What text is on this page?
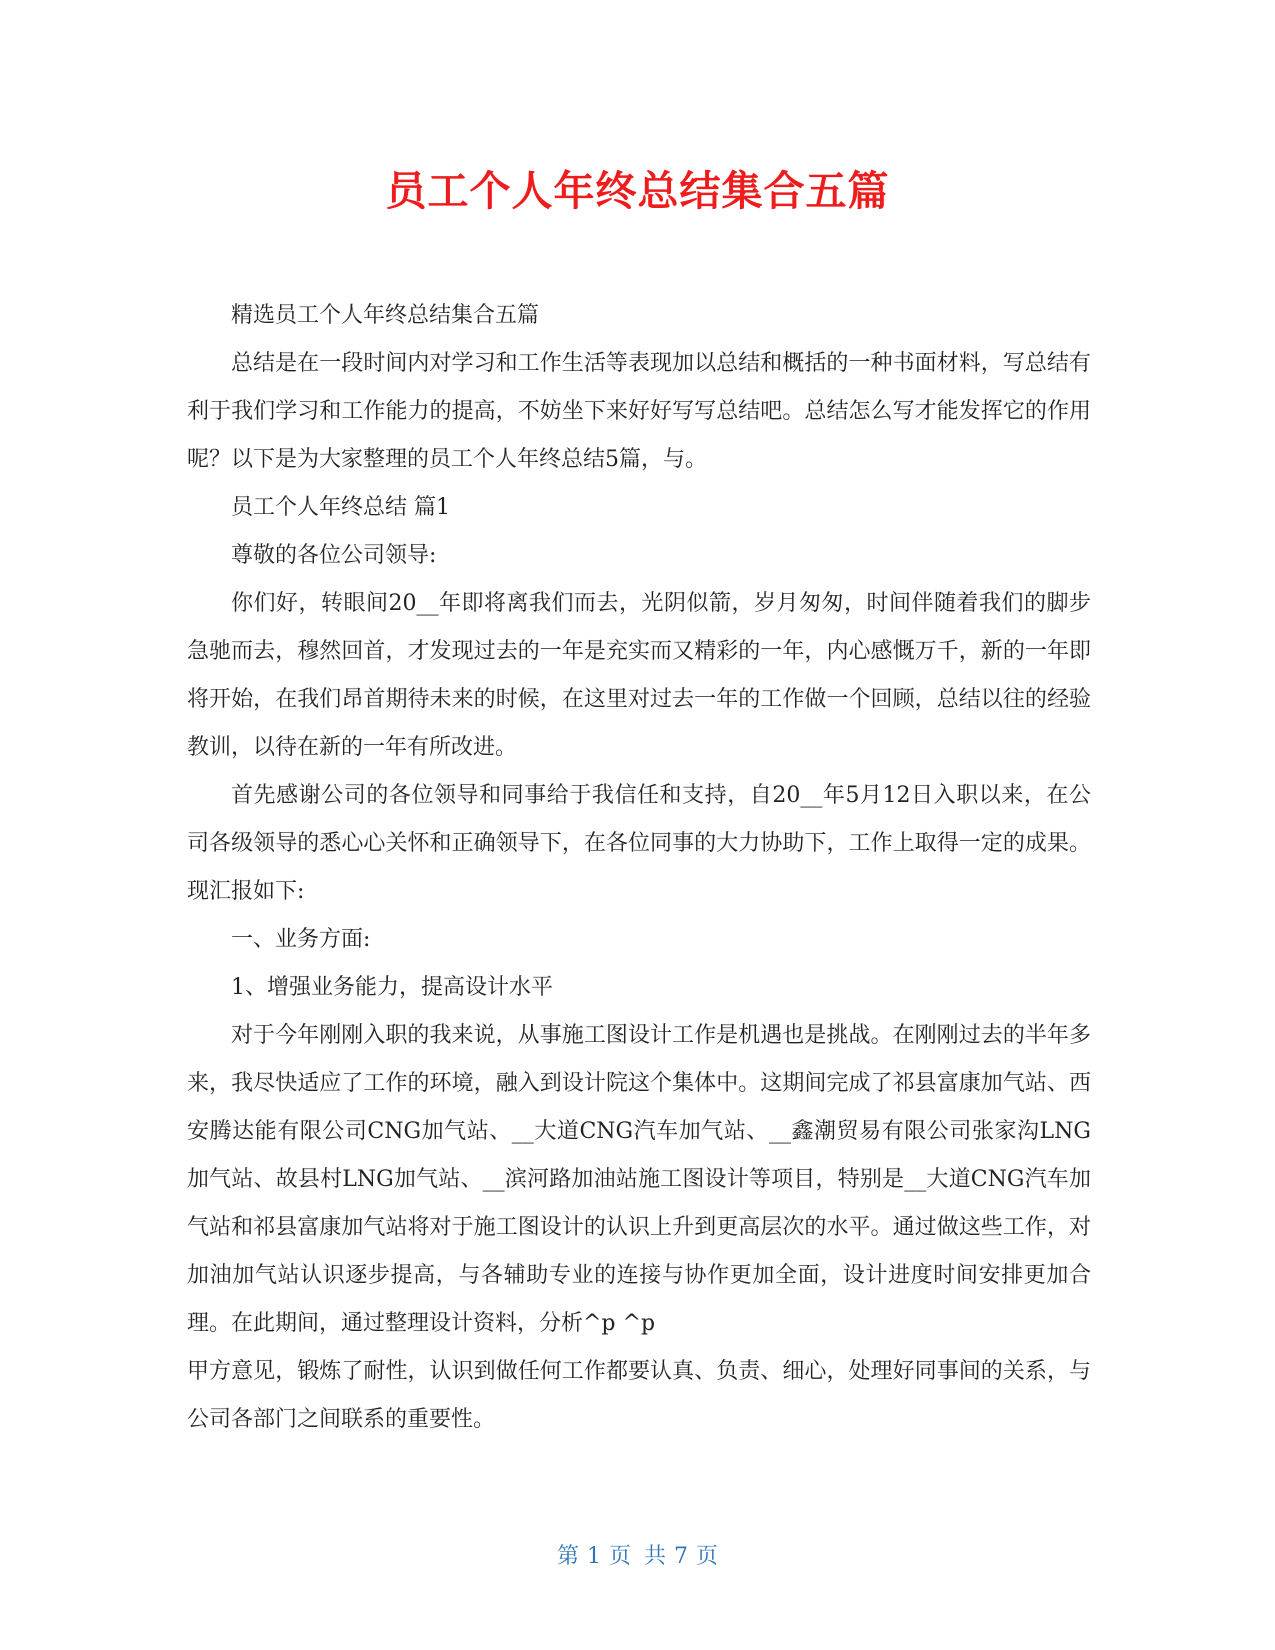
员工个人年终总结集合五篇

精选员工个人年终总结集合五篇

总结是在一段时间内对学习和工作生活等表现加以总结和概括的一种书面材料，写总结有利于我们学习和工作能力的提高，不妨坐下来好好写写总结吧。总结怎么写才能发挥它的作用呢？以下是为大家整理的员工个人年终总结5篇，与。

员工个人年终总结 篇1

尊敬的各位公司领导:

你们好，转眼间20__年即将离我们而去，光阴似箭，岁月匆匆，时间伴随着我们的脚步急驰而去，穆然回首，才发现过去的一年是充实而又精彩的一年，内心感慨万千，新的一年即将开始，在我们昂首期待未来的时候，在这里对过去一年的工作做一个回顾，总结以往的经验教训，以待在新的一年有所改进。

首先感谢公司的各位领导和同事给于我信任和支持，自20__年5月12日入职以来，在公司各级领导的悉心心关怀和正确领导下，在各位同事的大力协助下，工作上取得一定的成果。现汇报如下:

一、业务方面:

1、增强业务能力，提高设计水平

对于今年刚刚入职的我来说，从事施工图设计工作是机遇也是挑战。在刚刚过去的半年多来，我尽快适应了工作的环境，融入到设计院这个集体中。这期间完成了祁县富康加气站、西安腾达能有限公司CNG加气站、__大道CNG汽车加气站、__鑫潮贸易有限公司张家沟LNG加气站、故县村LNG加气站、__滨河路加油站施工图设计等项目，特别是__大道CNG汽车加气站和祁县富康加气站将对于施工图设计的认识上升到更高层次的水平。通过做这些工作，对加油加气站认识逐步提高，与各辅助专业的连接与协作更加全面，设计进度时间安排更加合理。在此期间，通过整理设计资料，分析^p ^p

甲方意见，锻炼了耐性，认识到做任何工作都要认真、负责、细心，处理好同事间的关系，与公司各部门之间联系的重要性。

第 1 页 共 7 页
